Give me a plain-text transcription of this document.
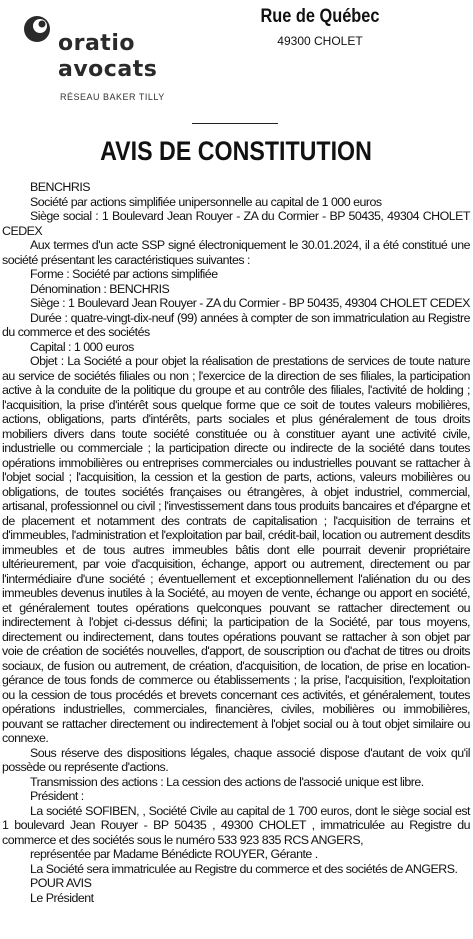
oratio
avocats
RÉSEAU BAKER TILLY
Rue de Québec
49300 CHOLET
AVIS DE CONSTITUTION

BENCHRIS

Société par actions simplifiée unipersonnelle au capital de 1 000 euros

Siège social : 1 Boulevard Jean Rouyer - ZA du Cormier - BP 50435, 49304 CHOLET CEDEX

Aux termes d'un acte SSP signé électroniquement le 30.01.2024, il a été constitué une société présentant les caractéristiques suivantes :

Forme : Société par actions simplifiée

Dénomination : BENCHRIS

Siège : 1 Boulevard Jean Rouyer - ZA du Cormier - BP 50435, 49304 CHOLET CEDEX

Durée : quatre-vingt-dix-neuf (99) années à compter de son immatriculation au Registre du commerce et des sociétés

Capital : 1 000 euros

Objet : La Société a pour objet la réalisation de prestations de services de toute nature au service de sociétés filiales ou non ; l'exercice de la direction de ses filiales, la participation active à la conduite de la politique du groupe et au contrôle des filiales, l'activité de holding ; l'acquisition, la prise d'intérêt sous quelque forme que ce soit de toutes valeurs mobilières, actions, obligations, parts d'intérêts, parts sociales et plus généralement de tous droits mobiliers divers dans toute société constituée ou à constituer ayant une activité civile, industrielle ou commerciale ; la participation directe ou indirecte de la société dans toutes opérations immobilières ou entreprises commerciales ou industrielles pouvant se rattacher à l'objet social ; l'acquisition, la cession et la gestion de parts, actions, valeurs mobilières ou obligations, de toutes sociétés françaises ou étrangères, à objet industriel, commercial, artisanal, professionnel ou civil ; l'investissement dans tous produits bancaires et d'épargne et de placement et notamment des contrats de capitalisation ; l'acquisition de terrains et d'immeubles, l'administration et l'exploitation par bail, crédit-bail, location ou autrement desdits immeubles et de tous autres immeubles bâtis dont elle pourrait devenir propriétaire ultérieurement, par voie d'acquisition, échange, apport ou autrement, directement ou par l'intermédiaire d'une société ; éventuellement et exceptionnellement l'aliénation du ou des immeubles devenus inutiles à la Société, au moyen de vente, échange ou apport en société, et généralement toutes opérations quelconques pouvant se rattacher directement ou indirectement à l'objet ci-dessus défini; la participation de la Société, par tous moyens, directement ou indirectement, dans toutes opérations pouvant se rattacher à son objet par voie de création de sociétés nouvelles, d'apport, de souscription ou d'achat de titres ou droits sociaux, de fusion ou autrement, de création, d'acquisition, de location, de prise en location-gérance de tous fonds de commerce ou établissements ; la prise, l'acquisition, l'exploitation ou la cession de tous procédés et brevets concernant ces activités, et généralement, toutes opérations industrielles, commerciales, financières, civiles, mobilières ou immobilières, pouvant se rattacher directement ou indirectement à l'objet social ou à tout objet similaire ou connexe.

Sous réserve des dispositions légales, chaque associé dispose d'autant de voix qu'il possède ou représente d'actions.

Transmission des actions : La cession des actions de l'associé unique est libre.

Président :

La société SOFIBEN, , Société Civile au capital de 1 700 euros, dont le siège social est 1 boulevard Jean Rouyer - BP 50435 , 49300 CHOLET , immatriculée au Registre du commerce et des sociétés sous le numéro 533 923 835 RCS ANGERS,

représentée par Madame Bénédicte ROUYER, Gérante .

La Société sera immatriculée au Registre du commerce et des sociétés de ANGERS.

POUR AVIS

Le Président
